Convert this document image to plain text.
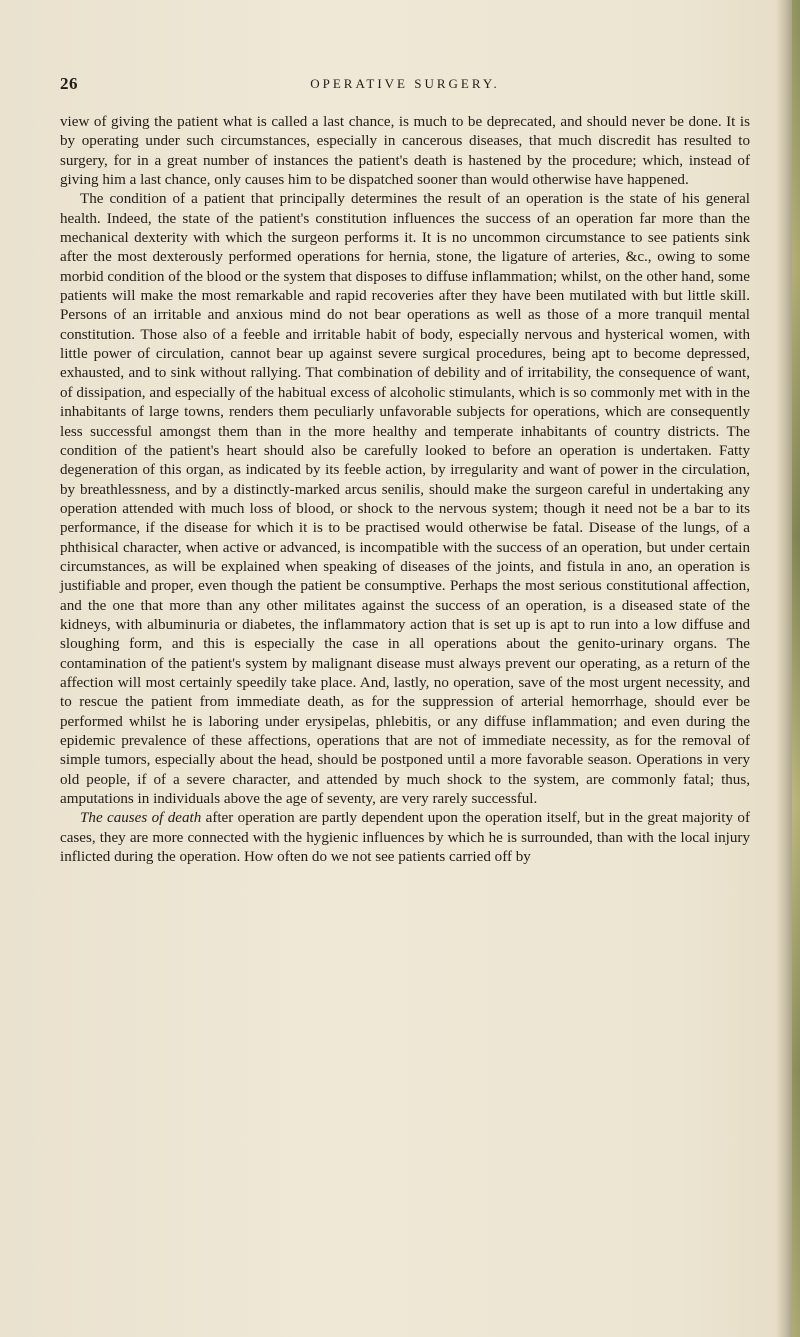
26	OPERATIVE SURGERY.

view of giving the patient what is called a last chance, is much to be deprecated, and should never be done. It is by operating under such circumstances, especially in cancerous diseases, that much discredit has resulted to surgery, for in a great number of instances the patient's death is hastened by the procedure; which, instead of giving him a last chance, only causes him to be dispatched sooner than would otherwise have happened.

The condition of a patient that principally determines the result of an operation is the state of his general health. Indeed, the state of the patient's constitution influences the success of an operation far more than the mechanical dexterity with which the surgeon performs it. It is no uncommon circumstance to see patients sink after the most dexterously performed operations for hernia, stone, the ligature of arteries, &c., owing to some morbid condition of the blood or the system that disposes to diffuse inflammation; whilst, on the other hand, some patients will make the most remarkable and rapid recoveries after they have been mutilated with but little skill. Persons of an irritable and anxious mind do not bear operations as well as those of a more tranquil mental constitution. Those also of a feeble and irritable habit of body, especially nervous and hysterical women, with little power of circulation, cannot bear up against severe surgical procedures, being apt to become depressed, exhausted, and to sink without rallying. That combination of debility and of irritability, the consequence of want, of dissipation, and especially of the habitual excess of alcoholic stimulants, which is so commonly met with in the inhabitants of large towns, renders them peculiarly unfavorable subjects for operations, which are consequently less successful amongst them than in the more healthy and temperate inhabitants of country districts. The condition of the patient's heart should also be carefully looked to before an operation is undertaken. Fatty degeneration of this organ, as indicated by its feeble action, by irregularity and want of power in the circulation, by breathlessness, and by a distinctly-marked arcus senilis, should make the surgeon careful in undertaking any operation attended with much loss of blood, or shock to the nervous system; though it need not be a bar to its performance, if the disease for which it is to be practised would otherwise be fatal. Disease of the lungs, of a phthisical character, when active or advanced, is incompatible with the success of an operation, but under certain circumstances, as will be explained when speaking of diseases of the joints, and fistula in ano, an operation is justifiable and proper, even though the patient be consumptive. Perhaps the most serious constitutional affection, and the one that more than any other militates against the success of an operation, is a diseased state of the kidneys, with albuminuria or diabetes, the inflammatory action that is set up is apt to run into a low diffuse and sloughing form, and this is especially the case in all operations about the genito-urinary organs. The contamination of the patient's system by malignant disease must always prevent our operating, as a return of the affection will most certainly speedily take place. And, lastly, no operation, save of the most urgent necessity, and to rescue the patient from immediate death, as for the suppression of arterial hemorrhage, should ever be performed whilst he is laboring under erysipelas, phlebitis, or any diffuse inflammation; and even during the epidemic prevalence of these affections, operations that are not of immediate necessity, as for the removal of simple tumors, especially about the head, should be postponed until a more favorable season. Operations in very old people, if of a severe character, and attended by much shock to the system, are commonly fatal; thus, amputations in individuals above the age of seventy, are very rarely successful.

The causes of death after operation are partly dependent upon the operation itself, but in the great majority of cases, they are more connected with the hygienic influences by which he is surrounded, than with the local injury inflicted during the operation. How often do we not see patients carried off by
